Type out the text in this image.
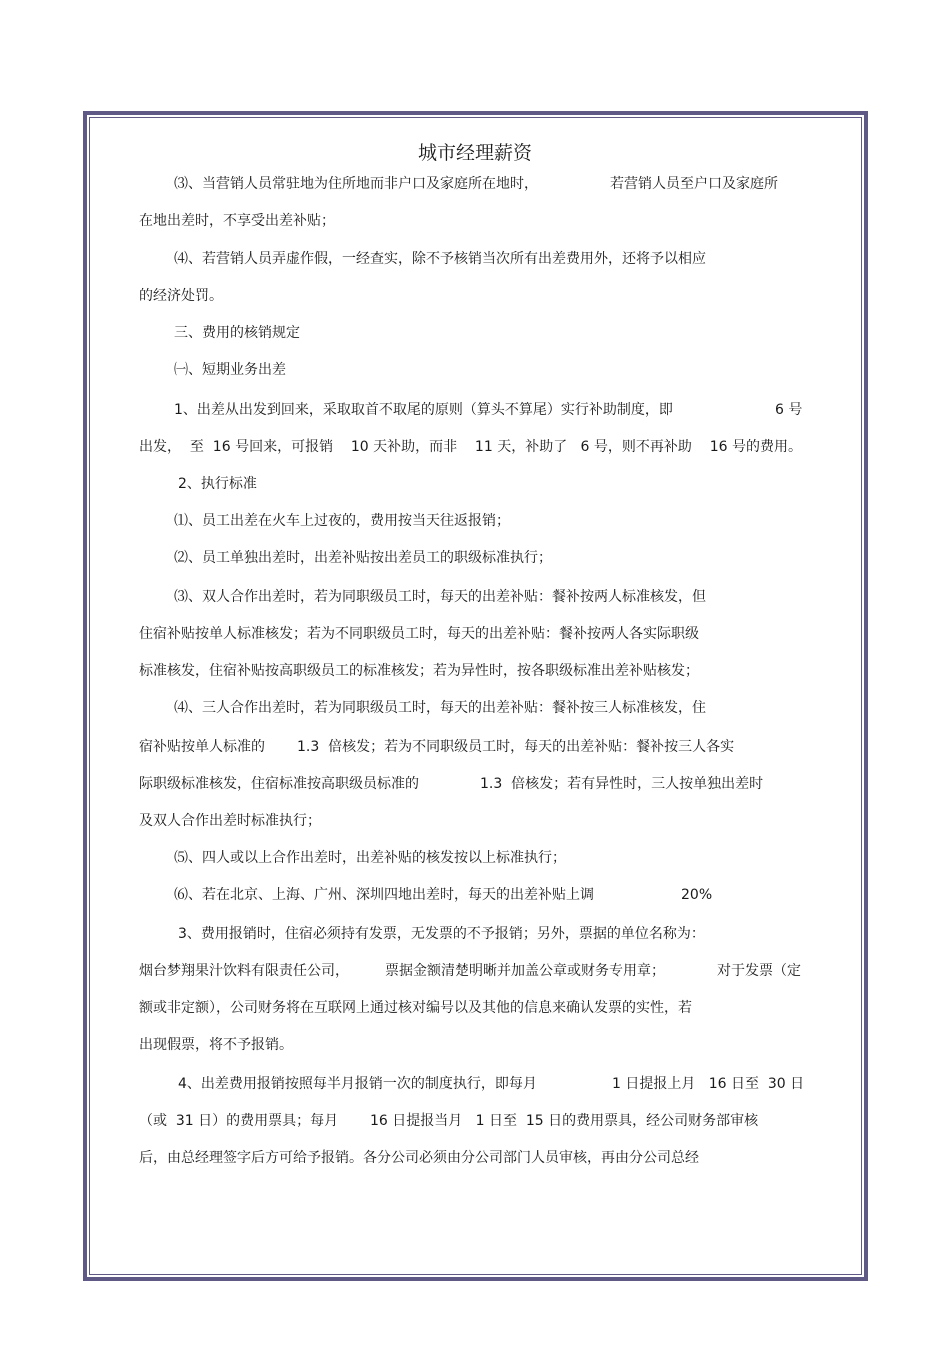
城市经理薪资
⑶、当营销人员常驻地为住所地而非户口及家庭所在地时，	若营销人员至户口及家庭所
在地出差时，不享受出差补贴；
⑷、若营销人员弄虚作假，一经查实，除不予核销当次所有出差费用外，还将予以相应
的经济处罚。
三、费用的核销规定
㈠、短期业务出差
1、出差从出发到回来，采取取首不取尾的原则（算头不算尾）实行补助制度，即	6 号
出发，  至  16 号回来，可报销    10 天补助，而非    11 天，补助了   6 号，则不再补助    16 号的费用。
2、执行标准
⑴、员工出差在火车上过夜的，费用按当天往返报销；
⑵、员工单独出差时，出差补贴按出差员工的职级标准执行；
⑶、双人合作出差时，若为同职级员工时，每天的出差补贴：餐补按两人标准核发，但
住宿补贴按单人标准核发；若为不同职级员工时，每天的出差补贴：餐补按两人各实际职级
标准核发，住宿补贴按高职级员工的标准核发；若为异性时，按各职级标准出差补贴核发；
⑷、三人合作出差时，若为同职级员工时，每天的出差补贴：餐补按三人标准核发，住
宿补贴按单人标准的 1.3  倍核发；若为不同职级员工时，每天的出差补贴：餐补按三人各实
际职级标准核发，住宿标准按高职级员标准的	1.3  倍核发；若有异性时，三人按单独出差时
及双人合作出差时标准执行；
⑸、四人或以上合作出差时，出差补贴的核发按以上标准执行；
⑹、若在北京、上海、广州、深圳四地出差时，每天的出差补贴上调	20%
3、费用报销时，住宿必须持有发票，无发票的不予报销；另外，票据的单位名称为：
烟台梦翔果汁饮料有限责任公司，	票据金额清楚明晰并加盖公章或财务专用章；	对于发票（定
额或非定额），公司财务将在互联网上通过核对编号以及其他的信息来确认发票的实性，若
出现假票，将不予报销。
4、出差费用报销按照每半月报销一次的制度执行，即每月	1 日提报上月   16 日至  30 日
（或  31 日）的费用票具；每月 16 日提报当月   1 日至  15 日的费用票具，经公司财务部审核
后，由总经理签字后方可给予报销。各分公司必须由分公司部门人员审核，再由分公司总经
